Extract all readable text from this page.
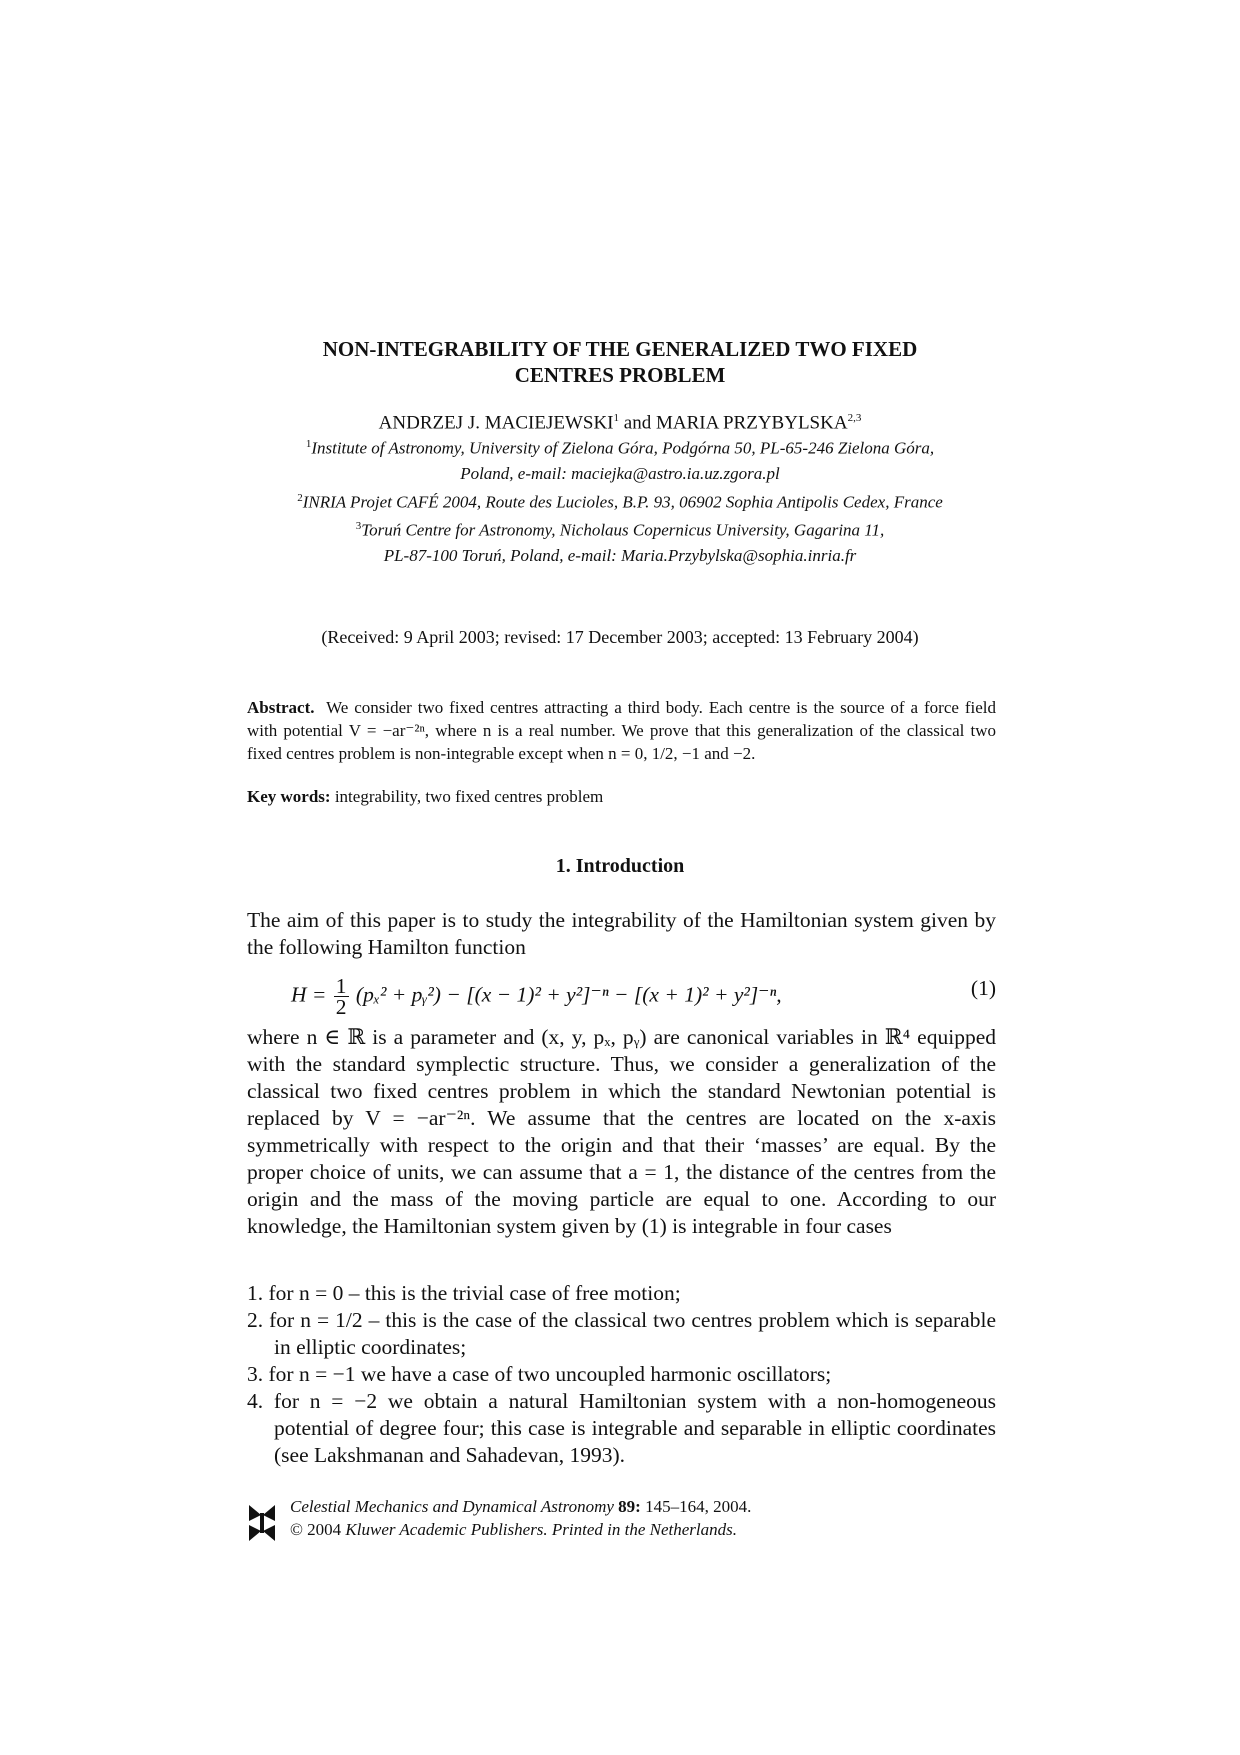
NON-INTEGRABILITY OF THE GENERALIZED TWO FIXED
CENTRES PROBLEM
ANDRZEJ J. MACIEJEWSKI$^1$ and MARIA PRZYBYLSKA$^{2,3}$
$^1$Institute of Astronomy, University of Zielona Góra, Podgórna 50, PL-65-246 Zielona Góra,
Poland, e-mail: maciejka@astro.ia.uz.zgora.pl
$^2$INRIA Projet CAFÉ 2004, Route des Lucioles, B.P. 93, 06902 Sophia Antipolis Cedex, France
$^3$Toruń Centre for Astronomy, Nicholaus Copernicus University, Gagarina 11,
PL-87-100 Toruń, Poland, e-mail: Maria.Przybylska@sophia.inria.fr
(Received: 9 April 2003; revised: 17 December 2003; accepted: 13 February 2004)
Abstract. We consider two fixed centres attracting a third body. Each centre is the source of a force field with potential V = −ar⁻²ⁿ, where n is a real number. We prove that this generalization of the classical two fixed centres problem is non-integrable except when n = 0, 1/2, −1 and −2.
Key words: integrability, two fixed centres problem
1. Introduction

The aim of this paper is to study the integrability of the Hamiltonian system given by the following Hamilton function

$H = \frac{1}{2} (p_x^2$ + pᵧ²) − [(x − 1)² + y²]⁻ⁿ − [(x + 1)² + y²]⁻ⁿ,	(1)

where n ∈ ℝ is a parameter and (x, y, pₓ, pᵧ) are canonical variables in ℝ⁴ equipped with the standard symplectic structure. Thus, we consider a generalization of the classical two fixed centres problem in which the standard Newtonian potential is replaced by V = −ar⁻²ⁿ. We assume that the centres are located on the x-axis symmetrically with respect to the origin and that their ‘masses’ are equal. By the proper choice of units, we can assume that a = 1, the distance of the centres from the origin and the mass of the moving particle are equal to one. According to our knowledge, the Hamiltonian system given by (1) is integrable in four cases

1. for n = 0 – this is the trivial case of free motion;
2. for n = 1/2 – this is the case of the classical two centres problem which is separable in elliptic coordinates;
3. for n = −1 we have a case of two uncoupled harmonic oscillators;
4. for n = −2 we obtain a natural Hamiltonian system with a non-homogeneous potential of degree four; this case is integrable and separable in elliptic coordinates (see Lakshmanan and Sahadevan, 1993).
Celestial Mechanics and Dynamical Astronomy 89: 145–164, 2004.
© 2004 Kluwer Academic Publishers. Printed in the Netherlands.
